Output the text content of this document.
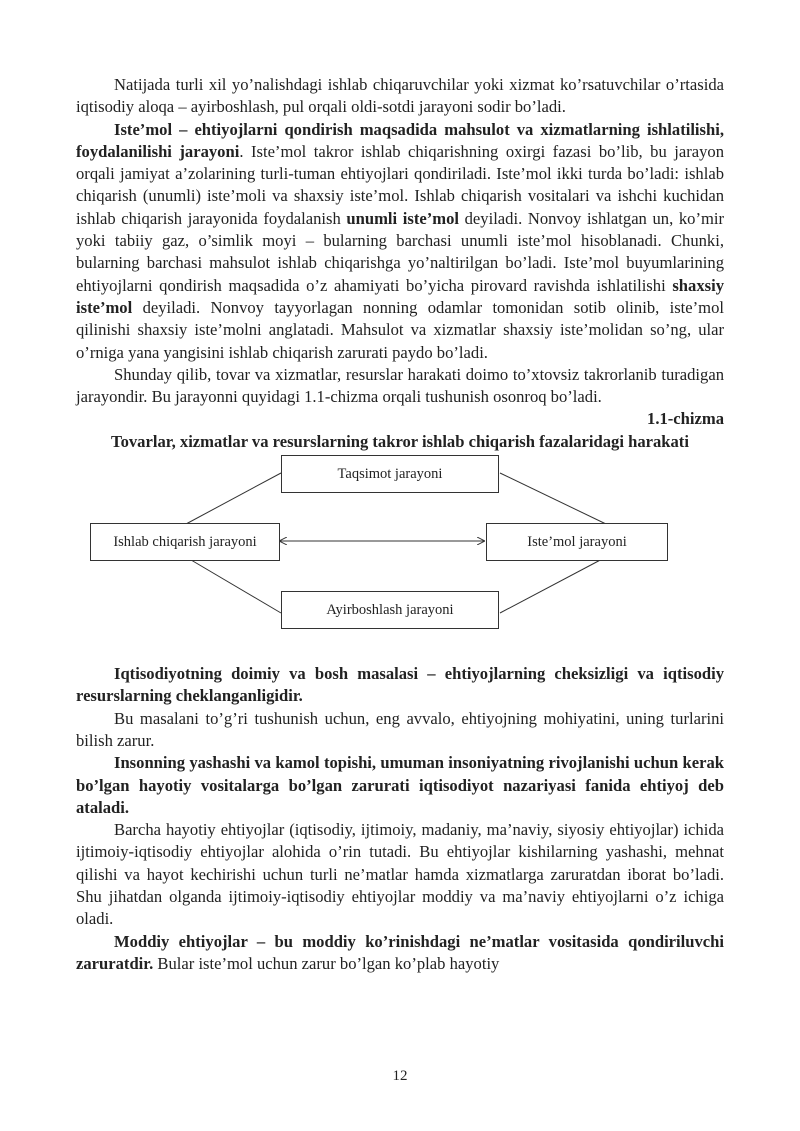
Natijada turli xil yo’nalishdagi ishlab chiqaruvchilar yoki xizmat ko’rsatuvchilar o’rtasida iqtisodiy aloqa – ayirboshlash, pul orqali oldi-sotdi jarayoni sodir bo’ladi.

Iste’mol – ehtiyojlarni qondirish maqsadida mahsulot va xizmatlarning ishlatilishi, foydalanilishi jarayoni. Iste’mol takror ishlab chiqarishning oxirgi fazasi bo’lib, bu jarayon orqali jamiyat a’zolarining turli-tuman ehtiyojlari qondiriladi. Iste’mol ikki turda bo’ladi: ishlab chiqarish (unumli) iste’moli va shaxsiy iste’mol. Ishlab chiqarish vositalari va ishchi kuchidan ishlab chiqarish jarayonida foydalanish unumli iste’mol deyiladi. Nonvoy ishlatgan un, ko’mir yoki tabiiy gaz, o’simlik moyi – bularning barchasi unumli iste’mol hisoblanadi. Chunki, bularning barchasi mahsulot ishlab chiqarishga yo’naltirilgan bo’ladi. Iste’mol buyumlarining ehtiyojlarni qondirish maqsadida o’z ahamiyati bo’yicha pirovard ravishda ishlatilishi shaxsiy iste’mol deyiladi. Nonvoy tayyorlagan nonning odamlar tomonidan sotib olinib, iste’mol qilinishi shaxsiy iste’molni anglatadi. Mahsulot va xizmatlar shaxsiy iste’molidan so’ng, ular o’rniga yana yangisini ishlab chiqarish zarurati paydo bo’ladi.

Shunday qilib, tovar va xizmatlar, resurslar harakati doimo to’xtovsiz takrorlanib turadigan jarayondir. Bu jarayonni quyidagi 1.1-chizma orqali tushunish osonroq bo’ladi.

1.1-chizma
Tovarlar, xizmatlar va resurslarning takror ishlab chiqarish fazalaridagi harakati
Taqsimot jarayoni
Ishlab chiqarish jarayoni	Iste’mol jarayoni
Ayirboshlash jarayoni

Iqtisodiyotning doimiy va bosh masalasi – ehtiyojlarning cheksizligi va iqtisodiy resurslarning cheklanganligidir.

Bu masalani to’g’ri tushunish uchun, eng avvalo, ehtiyojning mohiyatini, uning turlarini bilish zarur.

Insonning yashashi va kamol topishi, umuman insoniyatning rivojlanishi uchun kerak bo’lgan hayotiy vositalarga bo’lgan zarurati iqtisodiyot nazariyasi fanida ehtiyoj deb ataladi.

Barcha hayotiy ehtiyojlar (iqtisodiy, ijtimoiy, madaniy, ma’naviy, siyosiy ehtiyojlar) ichida ijtimoiy-iqtisodiy ehtiyojlar alohida o’rin tutadi. Bu ehtiyojlar kishilarning yashashi, mehnat qilishi va hayot kechirishi uchun turli ne’matlar hamda xizmatlarga zaruratdan iborat bo’ladi. Shu jihatdan olganda ijtimoiy-iqtisodiy ehtiyojlar moddiy va ma’naviy ehtiyojlarni o’z ichiga oladi.

Moddiy ehtiyojlar – bu moddiy ko’rinishdagi ne’matlar vositasida qondiriluvchi zaruratdir. Bular iste’mol uchun zarur bo’lgan ko’plab hayotiy

12
